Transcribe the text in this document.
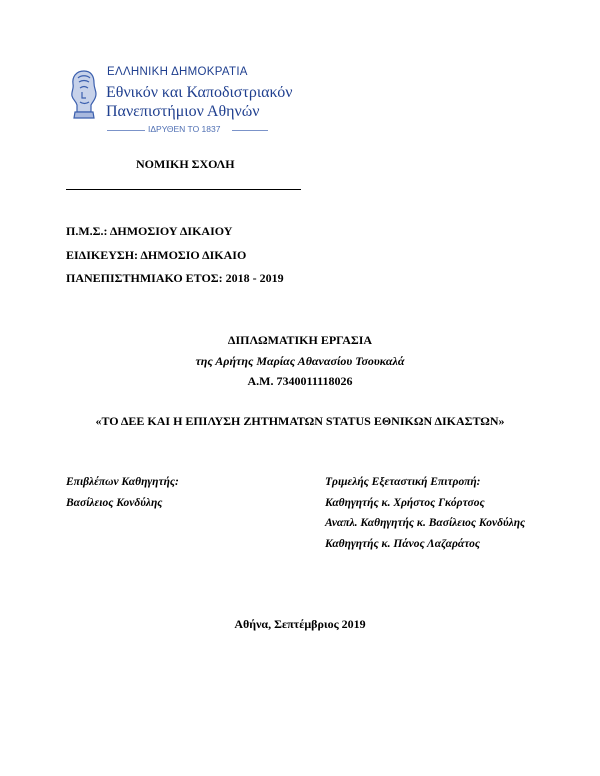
ΕΛΛΗΝΙΚΗ ΔΗΜΟΚΡΑΤΙΑ
Εθνικόν και Καποδιστριακόν
Πανεπιστήμιον Αθηνών
ΙΔΡΥΘΕΝ ΤΟ 1837
ΝΟΜΙΚΗ ΣΧΟΛΗ
Π.Μ.Σ.: ΔΗΜΟΣΙΟΥ ΔΙΚΑΙΟΥ
ΕΙΔΙΚΕΥΣΗ: ΔΗΜΟΣΙΟ ΔΙΚΑΙΟ
ΠΑΝΕΠΙΣΤΗΜΙΑΚΟ ΕΤΟΣ: 2018 - 2019
ΔΙΠΛΩΜΑΤΙΚΗ ΕΡΓΑΣΙΑ
της Αρήτης Μαρίας Αθανασίου Τσουκαλά
Α.Μ. 7340011118026
«ΤΟ ΔΕΕ ΚΑΙ Η ΕΠΙΛΥΣΗ ΖΗΤΗΜΑΤΩΝ STATUS ΕΘΝΙΚΩΝ ΔΙΚΑΣΤΩΝ»
Επιβλέπων Καθηγητής:
Βασίλειος Κονδύλης
Τριμελής Εξεταστική Επιτροπή:
Καθηγητής κ. Χρήστος Γκόρτσος
Αναπλ. Καθηγητής κ. Βασίλειος Κονδύλης
Καθηγητής κ. Πάνος Λαζαράτος
Αθήνα, Σεπτέμβριος 2019
